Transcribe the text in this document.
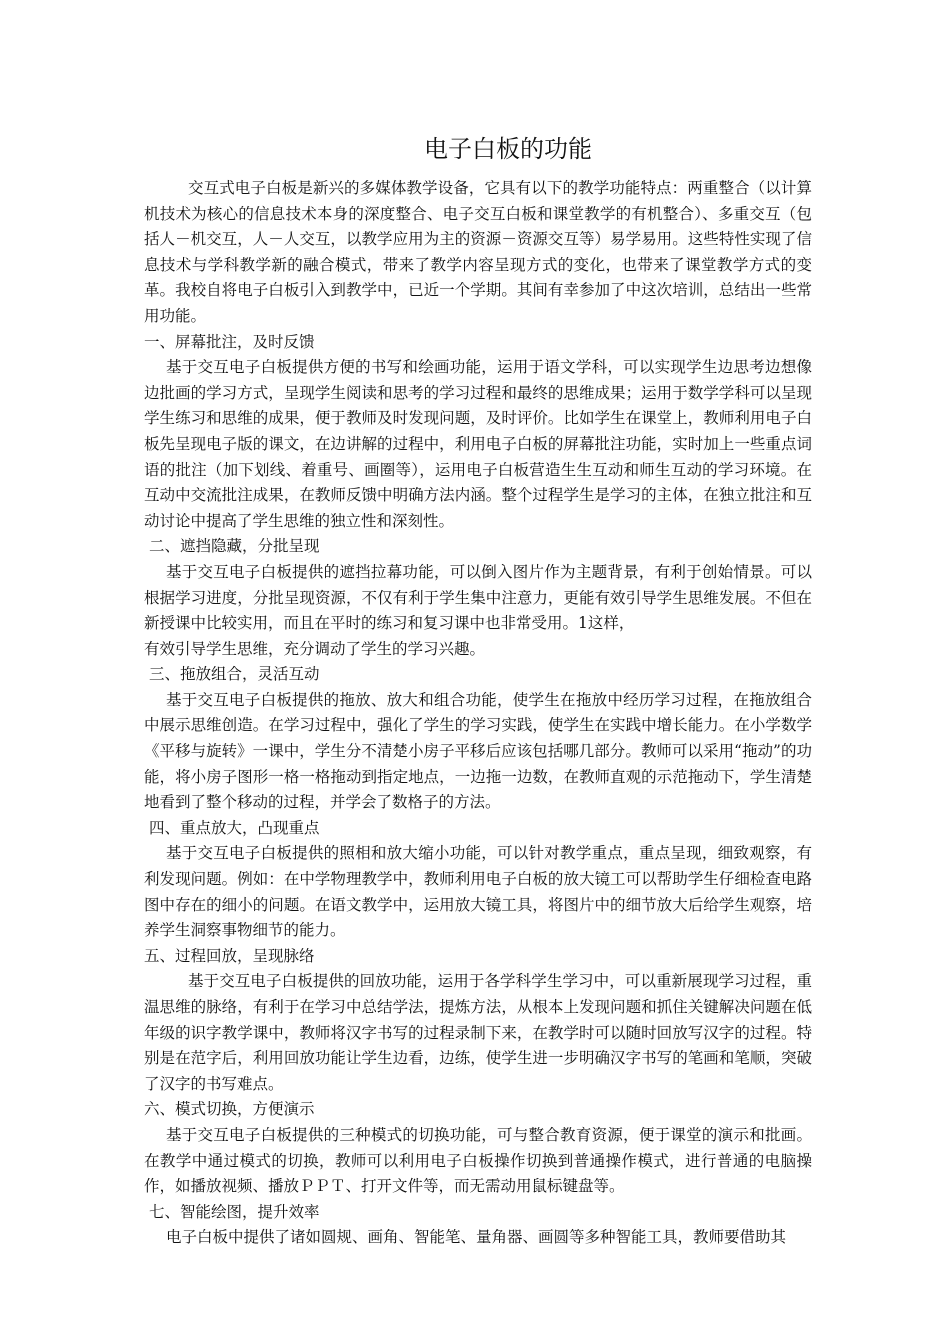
电子白板的功能

交互式电子白板是新兴的多媒体教学设备，它具有以下的教学功能特点：两重整合（以计算机技术为核心的信息技术本身的深度整合、电子交互白板和课堂教学的有机整合）、多重交互（包括人－机交互，人－人交互，以教学应用为主的资源－资源交互等）易学易用。这些特性实现了信息技术与学科教学新的融合模式，带来了教学内容呈现方式的变化，也带来了课堂教学方式的变革。我校自将电子白板引入到教学中，已近一个学期。其间有幸参加了中这次培训，总结出一些常用功能。

一、屏幕批注，及时反馈

基于交互电子白板提供方便的书写和绘画功能，运用于语文学科，可以实现学生边思考边想像边批画的学习方式，呈现学生阅读和思考的学习过程和最终的思维成果；运用于数学学科可以呈现学生练习和思维的成果，便于教师及时发现问题，及时评价。比如学生在课堂上，教师利用电子白板先呈现电子版的课文，在边讲解的过程中，利用电子白板的屏幕批注功能，实时加上一些重点词语的批注（加下划线、着重号、画圈等），运用电子白板营造生生互动和师生互动的学习环境。在互动中交流批注成果，在教师反馈中明确方法内涵。整个过程学生是学习的主体，在独立批注和互动讨论中提高了学生思维的独立性和深刻性。

二、遮挡隐藏，分批呈现

基于交互电子白板提供的遮挡拉幕功能，可以倒入图片作为主题背景，有利于创始情景。可以根据学习进度，分批呈现资源，不仅有利于学生集中注意力，更能有效引导学生思维发展。不但在新授课中比较实用，而且在平时的练习和复习课中也非常受用。1这样，

有效引导学生思维，充分调动了学生的学习兴趣。

三、拖放组合，灵活互动

基于交互电子白板提供的拖放、放大和组合功能，使学生在拖放中经历学习过程，在拖放组合中展示思维创造。在学习过程中，强化了学生的学习实践，使学生在实践中增长能力。在小学数学《平移与旋转》一课中，学生分不清楚小房子平移后应该包括哪几部分。教师可以采用“拖动”的功能，将小房子图形一格一格拖动到指定地点，一边拖一边数，在教师直观的示范拖动下，学生清楚地看到了整个移动的过程，并学会了数格子的方法。

四、重点放大，凸现重点

基于交互电子白板提供的照相和放大缩小功能，可以针对教学重点，重点呈现，细致观察，有利发现问题。例如：在中学物理教学中，教师利用电子白板的放大镜工可以帮助学生仔细检查电路图中存在的细小的问题。在语文教学中，运用放大镜工具，将图片中的细节放大后给学生观察，培养学生洞察事物细节的能力。

五、过程回放，呈现脉络

基于交互电子白板提供的回放功能，运用于各学科学生学习中，可以重新展现学习过程，重温思维的脉络，有利于在学习中总结学法，提炼方法，从根本上发现问题和抓住关键解决问题在低年级的识字教学课中，教师将汉字书写的过程录制下来，在教学时可以随时回放写汉字的过程。特别是在范字后，利用回放功能让学生边看，边练，使学生进一步明确汉字书写的笔画和笔顺，突破了汉字的书写难点。

六、模式切换，方便演示

基于交互电子白板提供的三种模式的切换功能，可与整合教育资源，便于课堂的演示和批画。在教学中通过模式的切换，教师可以利用电子白板操作切换到普通操作模式，进行普通的电脑操作，如播放视频、播放ＰＰＴ、打开文件等，而无需动用鼠标键盘等。

七、智能绘图，提升效率

电子白板中提供了诸如圆规、画角、智能笔、量角器、画圆等多种智能工具，教师要借助其
